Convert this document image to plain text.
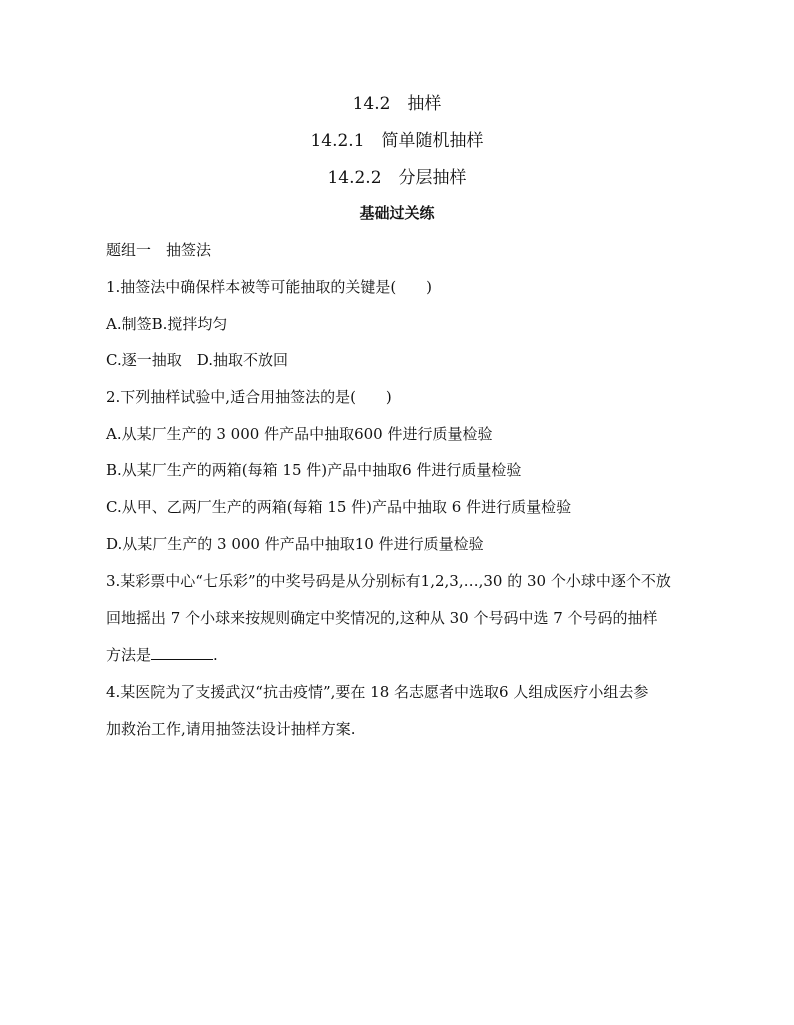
14.2　抽样
14.2.1　简单随机抽样
14.2.2　分层抽样
基础过关练
题组一　抽签法
1.抽签法中确保样本被等可能抽取的关键是(　　)
A.制签B.搅拌均匀
C.逐一抽取　D.抽取不放回
2.下列抽样试验中,适合用抽签法的是(　　)
A.从某厂生产的 3 000 件产品中抽取600 件进行质量检验
B.从某厂生产的两箱(每箱 15 件)产品中抽取6 件进行质量检验
C.从甲、乙两厂生产的两箱(每箱 15 件)产品中抽取 6 件进行质量检验
D.从某厂生产的 3 000 件产品中抽取10 件进行质量检验
3.某彩票中心“七乐彩”的中奖号码是从分别标有1,2,3,…,30 的 30 个小球中逐个不放
回地摇出 7 个小球来按规则确定中奖情况的,这种从 30 个号码中选 7 个号码的抽样
方法是	.
4.某医院为了支援武汉“抗击疫情”,要在 18 名志愿者中选取6 人组成医疗小组去参
加救治工作,请用抽签法设计抽样方案.
